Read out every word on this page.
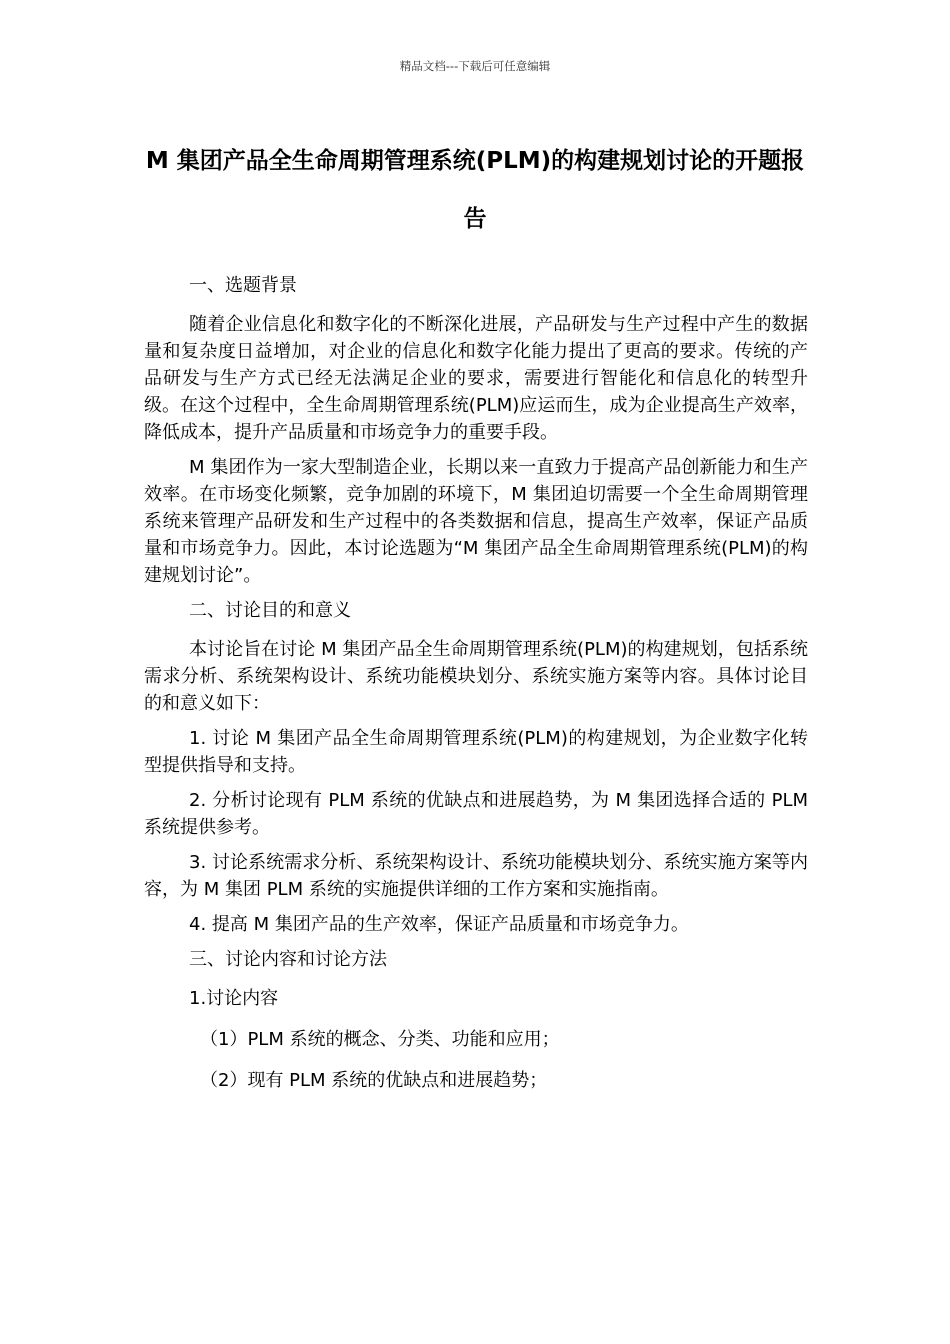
精品文档---下载后可任意编辑
M 集团产品全生命周期管理系统(PLM)的构建规划讨论的开题报告

一、选题背景

随着企业信息化和数字化的不断深化进展，产品研发与生产过程中产生的数据量和复杂度日益增加，对企业的信息化和数字化能力提出了更高的要求。传统的产品研发与生产方式已经无法满足企业的要求，需要进行智能化和信息化的转型升级。在这个过程中，全生命周期管理系统(PLM)应运而生，成为企业提高生产效率，降低成本，提升产品质量和市场竞争力的重要手段。

M 集团作为一家大型制造企业，长期以来一直致力于提高产品创新能力和生产效率。在市场变化频繁，竞争加剧的环境下，M 集团迫切需要一个全生命周期管理系统来管理产品研发和生产过程中的各类数据和信息，提高生产效率，保证产品质量和市场竞争力。因此，本讨论选题为“M 集团产品全生命周期管理系统(PLM)的构建规划讨论”。

二、讨论目的和意义

本讨论旨在讨论 M 集团产品全生命周期管理系统(PLM)的构建规划，包括系统需求分析、系统架构设计、系统功能模块划分、系统实施方案等内容。具体讨论目的和意义如下：

1. 讨论 M 集团产品全生命周期管理系统(PLM)的构建规划，为企业数字化转型提供指导和支持。

2. 分析讨论现有 PLM 系统的优缺点和进展趋势，为 M 集团选择合适的 PLM 系统提供参考。

3. 讨论系统需求分析、系统架构设计、系统功能模块划分、系统实施方案等内容，为 M 集团 PLM 系统的实施提供详细的工作方案和实施指南。

4. 提高 M 集团产品的生产效率，保证产品质量和市场竞争力。

三、讨论内容和讨论方法

1.讨论内容

（1）PLM 系统的概念、分类、功能和应用；

（2）现有 PLM 系统的优缺点和进展趋势；
